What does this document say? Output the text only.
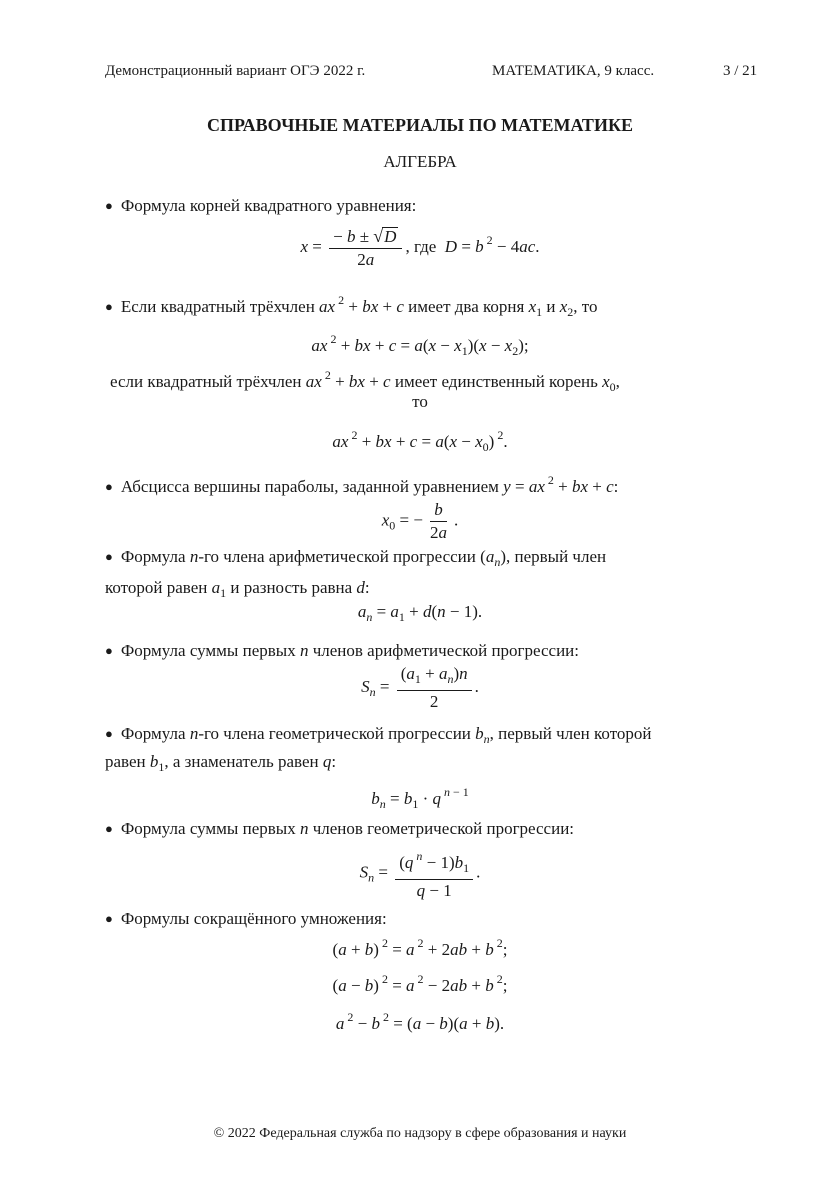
Демонстрационный вариант ОГЭ 2022 г.	МАТЕМАТИКА, 9 класс.	3 / 21
СПРАВОЧНЫЕ МАТЕРИАЛЫ ПО МАТЕМАТИКЕ
АЛГЕБРА
● Формула корней квадратного уравнения:
$x = \frac{- b \pm √D}{2a}$ , где  D = b $^2$ − 4ac.
● Если квадратный трёхчлен ax $^2$ + bx + c имеет два корня $x_1$ и $x_2$, то
ax $^2$ + bx + $c = a(x - x_1)(x - x_2)$;
если квадратный трёхчлен ax $^2$ + bx + c имеет единственный корень $x_0$,
то
ax $^2$ + bx + $c = a(x - x_0)$ $^2$.
● Абсцисса вершины параболы, заданной уравнением y = ax $^2$ + bx + c:
$x_0$ = − $\frac{b}{2a}$ .
● Формула n-го члена арифметической прогрессии $(a_n)$, первый член
которой равен $a_1$ и разность равна d:
$a_n = a_1 + d(n - 1)$.
● Формула суммы первых n членов арифметической прогрессии:
$S_n = \frac{(a_1 + a_n)n}{2}$ .
● Формула n-го члена геометрической прогрессии $b_n$, первый член которой
равен $b_1$, а знаменатель равен q:
$b_n = b_1 \cdot q$ $^{n - 1}$
● Формула суммы первых n членов геометрической прогрессии:
$S_n = \frac{(q ^n - 1)b_1}{q - 1}$ .
● Формулы сокращённого умножения:
(a + b) $^2$ = a $^2$ + 2ab + b $^2$;
(a − b) $^2$ = a $^2$ − 2ab + b $^2$;
a $^2$ − b $^2$ = (a − b)(a + b).
© 2022 Федеральная служба по надзору в сфере образования и науки
